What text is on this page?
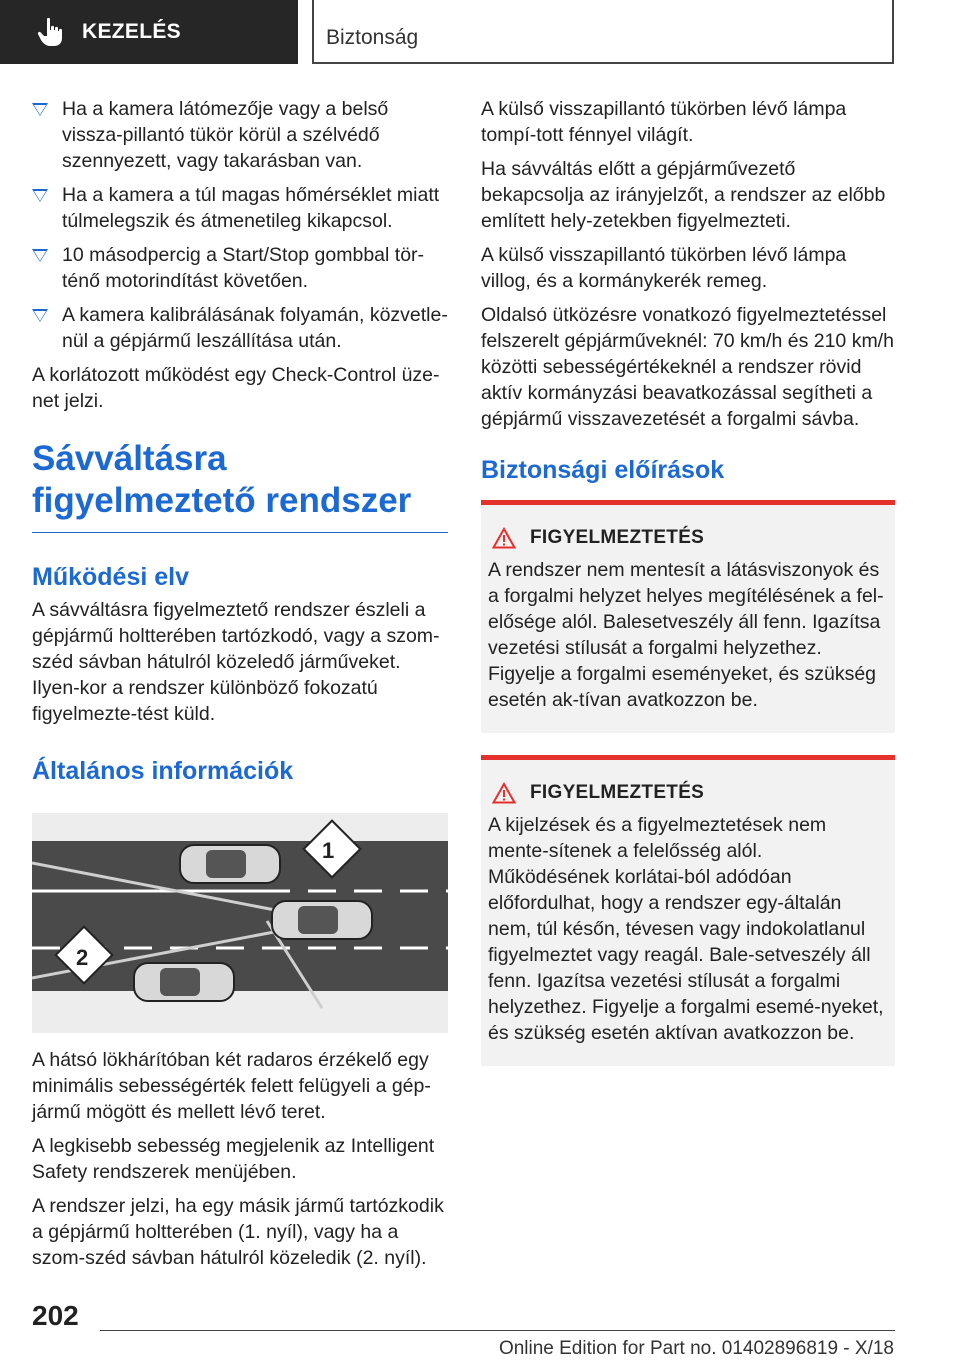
KEZELÉS	Biztonság
Ha a kamera látómezője vagy a belső vissza-pillantó tükör körül a szélvédő szennyezett, vagy takarásban van.
Ha a kamera a túl magas hőmérséklet miatt túlmelegszik és átmenetileg kikapcsol.
10 másodpercig a Start/Stop gombbal tör-ténő motorindítást követően.
A kamera kalibrálásának folyamán, közvetle-nül a gépjármű leszállítása után.

A korlátozott működést egy Check-Control üze-net jelzi.

Sávváltásra figyelmeztető rendszer
Működési elv

A sávváltásra figyelmeztető rendszer észleli a gépjármű holtterében tartózkodó, vagy a szom-széd sávban hátulról közeledő járműveket. Ilyen-kor a rendszer különböző fokozatú figyelmezte-tést küld.

Általános információk
1
2

A hátsó lökhárítóban két radaros érzékelő egy minimális sebességérték felett felügyeli a gép-jármű mögött és mellett lévő teret.

A legkisebb sebesség megjelenik az Intelligent Safety rendszerek menüjében.

A rendszer jelzi, ha egy másik jármű tartózkodik a gépjármű holtterében (1. nyíl), vagy ha a szom-széd sávban hátulról közeledik (2. nyíl).

A külső visszapillantó tükörben lévő lámpa tompí-tott fénnyel világít.

Ha sávváltás előtt a gépjárművezető bekapcsolja az irányjelzőt, a rendszer az előbb említett hely-zetekben figyelmezteti.

A külső visszapillantó tükörben lévő lámpa villog, és a kormánykerék remeg.

Oldalsó ütközésre vonatkozó figyelmeztetéssel felszerelt gépjárműveknél: 70 km/h és 210 km/h közötti sebességértékeknél a rendszer rövid aktív kormányzási beavatkozással segítheti a gépjármű visszavezetését a forgalmi sávba.

Biztonsági előírások
FIGYELMEZTETÉS
A rendszer nem mentesít a látásviszonyok és a forgalmi helyzet helyes megítélésének a fel-elősége alól. Balesetveszély áll fenn. Igazítsa vezetési stílusát a forgalmi helyzethez. Figyelje a forgalmi eseményeket, és szükség esetén ak-tívan avatkozzon be.
FIGYELMEZTETÉS
A kijelzések és a figyelmeztetések nem mente-sítenek a felelősség alól. Működésének korlátai-ból adódóan előfordulhat, hogy a rendszer egy-általán nem, túl későn, tévesen vagy indokolatlanul figyelmeztet vagy reagál. Bale-setveszély áll fenn. Igazítsa vezetési stílusát a forgalmi helyzethez. Figyelje a forgalmi esemé-nyeket, és szükség esetén aktívan avatkozzon be.
202
Online Edition for Part no. 01402896819 - X/18
